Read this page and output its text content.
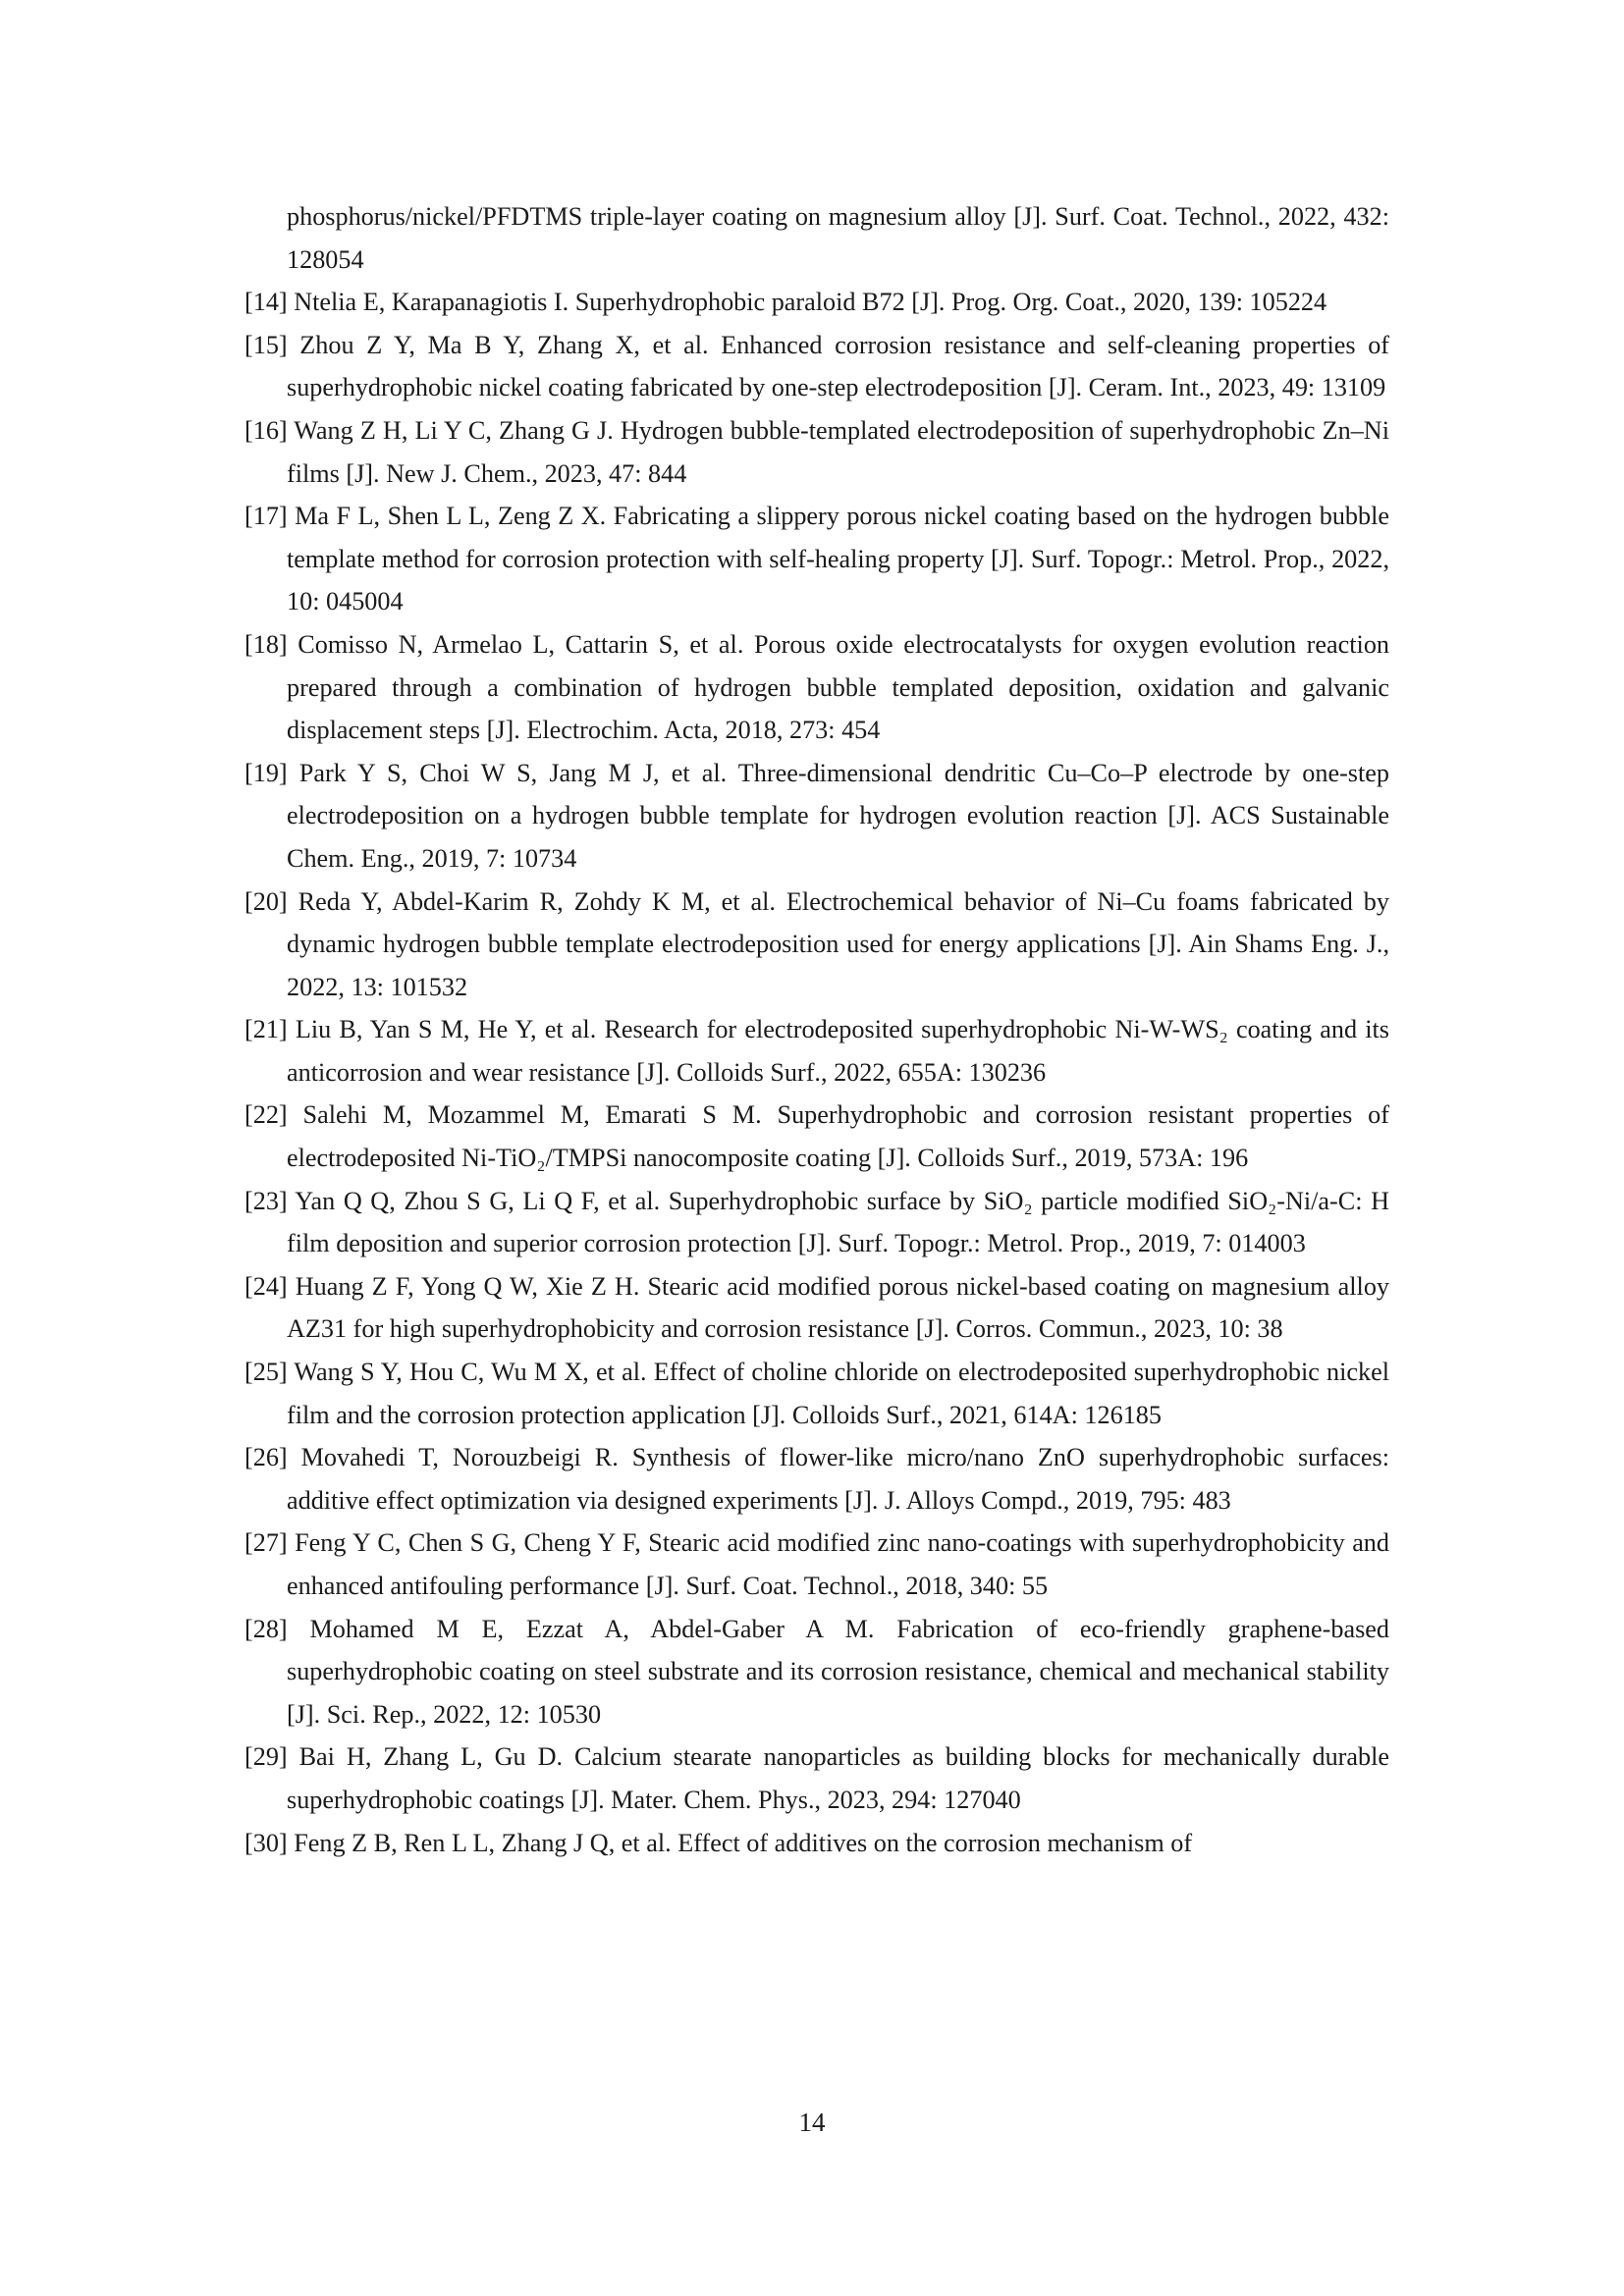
phosphorus/nickel/PFDTMS triple-layer coating on magnesium alloy [J]. Surf. Coat. Technol., 2022, 432: 128054
[14] Ntelia E, Karapanagiotis I. Superhydrophobic paraloid B72 [J]. Prog. Org. Coat., 2020, 139: 105224
[15] Zhou Z Y, Ma B Y, Zhang X, et al. Enhanced corrosion resistance and self-cleaning properties of superhydrophobic nickel coating fabricated by one-step electrodeposition [J]. Ceram. Int., 2023, 49: 13109
[16] Wang Z H, Li Y C, Zhang G J. Hydrogen bubble-templated electrodeposition of superhydrophobic Zn–Ni films [J]. New J. Chem., 2023, 47: 844
[17] Ma F L, Shen L L, Zeng Z X. Fabricating a slippery porous nickel coating based on the hydrogen bubble template method for corrosion protection with self-healing property [J]. Surf. Topogr.: Metrol. Prop., 2022, 10: 045004
[18] Comisso N, Armelao L, Cattarin S, et al. Porous oxide electrocatalysts for oxygen evolution reaction prepared through a combination of hydrogen bubble templated deposition, oxidation and galvanic displacement steps [J]. Electrochim. Acta, 2018, 273: 454
[19] Park Y S, Choi W S, Jang M J, et al. Three-dimensional dendritic Cu–Co–P electrode by one-step electrodeposition on a hydrogen bubble template for hydrogen evolution reaction [J]. ACS Sustainable Chem. Eng., 2019, 7: 10734
[20] Reda Y, Abdel-Karim R, Zohdy K M, et al. Electrochemical behavior of Ni–Cu foams fabricated by dynamic hydrogen bubble template electrodeposition used for energy applications [J]. Ain Shams Eng. J., 2022, 13: 101532
[21] Liu B, Yan S M, He Y, et al. Research for electrodeposited superhydrophobic Ni-W-WS₂ coating and its anticorrosion and wear resistance [J]. Colloids Surf., 2022, 655A: 130236
[22] Salehi M, Mozammel M, Emarati S M. Superhydrophobic and corrosion resistant properties of electrodeposited Ni-TiO₂/TMPSi nanocomposite coating [J]. Colloids Surf., 2019, 573A: 196
[23] Yan Q Q, Zhou S G, Li Q F, et al. Superhydrophobic surface by SiO₂ particle modified SiO₂-Ni/a-C: H film deposition and superior corrosion protection [J]. Surf. Topogr.: Metrol. Prop., 2019, 7: 014003
[24] Huang Z F, Yong Q W, Xie Z H. Stearic acid modified porous nickel-based coating on magnesium alloy AZ31 for high superhydrophobicity and corrosion resistance [J]. Corros. Commun., 2023, 10: 38
[25] Wang S Y, Hou C, Wu M X, et al. Effect of choline chloride on electrodeposited superhydrophobic nickel film and the corrosion protection application [J]. Colloids Surf., 2021, 614A: 126185
[26] Movahedi T, Norouzbeigi R. Synthesis of flower-like micro/nano ZnO superhydrophobic surfaces: additive effect optimization via designed experiments [J]. J. Alloys Compd., 2019, 795: 483
[27] Feng Y C, Chen S G, Cheng Y F, Stearic acid modified zinc nano-coatings with superhydrophobicity and enhanced antifouling performance [J]. Surf. Coat. Technol., 2018, 340: 55
[28] Mohamed M E, Ezzat A, Abdel-Gaber A M. Fabrication of eco-friendly graphene-based superhydrophobic coating on steel substrate and its corrosion resistance, chemical and mechanical stability [J]. Sci. Rep., 2022, 12: 10530
[29] Bai H, Zhang L, Gu D. Calcium stearate nanoparticles as building blocks for mechanically durable superhydrophobic coatings [J]. Mater. Chem. Phys., 2023, 294: 127040
[30] Feng Z B, Ren L L, Zhang J Q, et al. Effect of additives on the corrosion mechanism of
14
